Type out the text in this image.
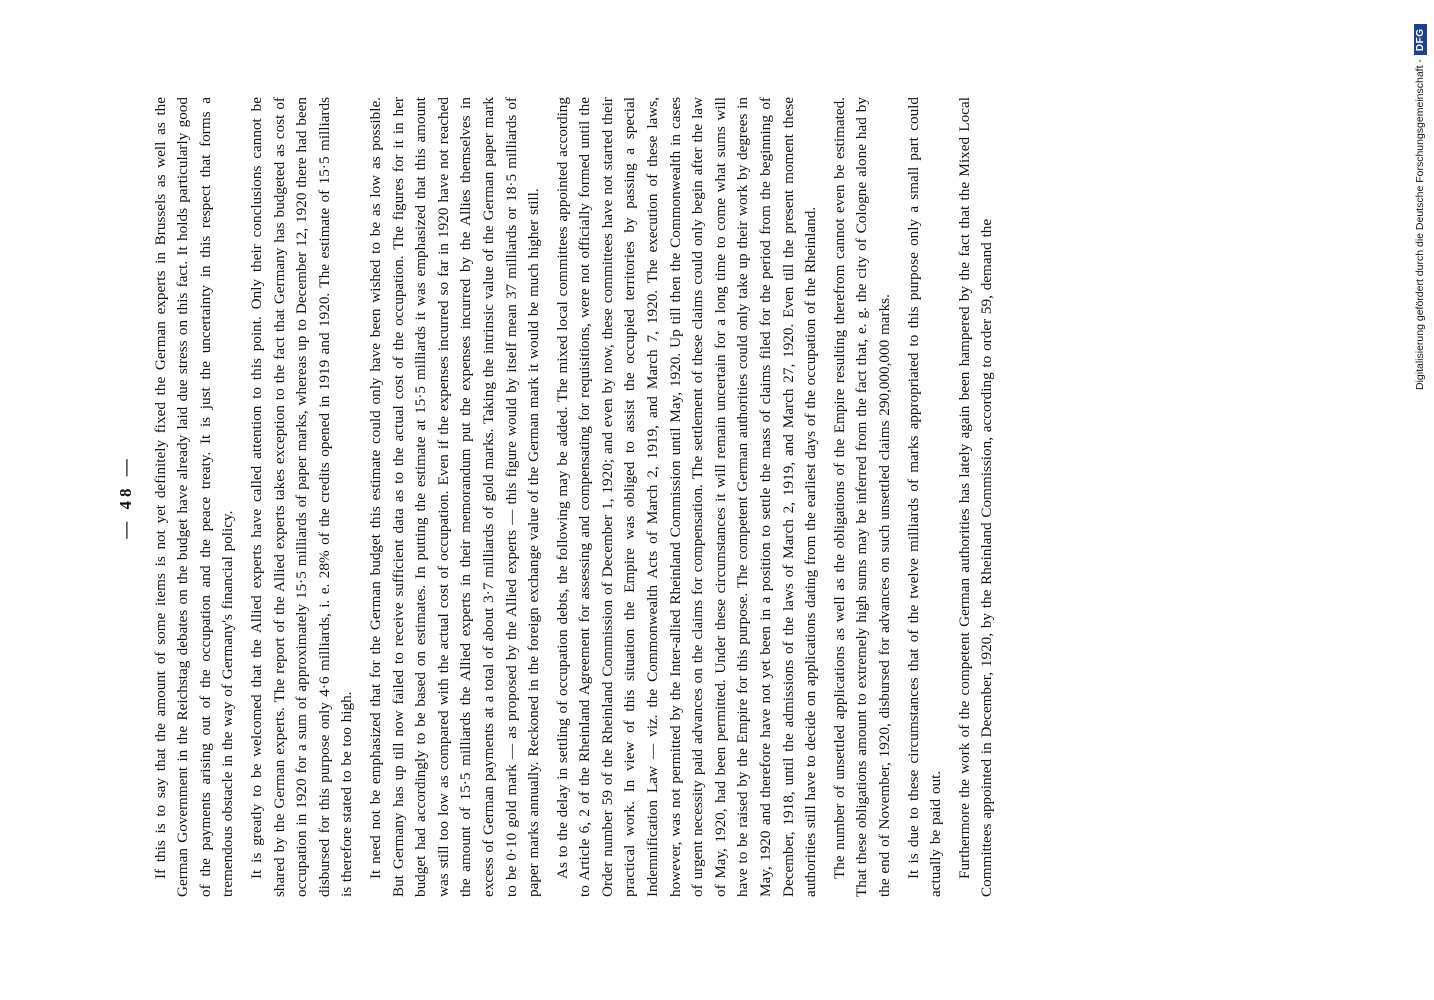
— 48 — If this is to say that the amount of some items is not yet definitely fixed the German experts in Brussels as well as the German Government in the Reichstag debates on the budget have already laid due stress on this fact. It holds particularly good of the payments arising out of the occupation and the peace treaty. It is just the uncertainty in this respect that forms a tremendous obstacle in the way of Germany's financial policy. It is greatly to be welcomed that the Allied experts have called attention to this point. Only their conclusions cannot be shared by the German experts. The report of the Allied experts takes exception to the fact that Germany has budgeted as cost of occupation in 1920 for a sum of approximately 15·5 milliards of paper marks, whereas up to December 12, 1920 there had been disbursed for this purpose only 4·6 milliards, i. e. 28% of the credits opened in 1919 and 1920. The estimate of 15·5 milliards is therefore stated to be too high. It need not be emphasized that for the German budget this estimate could only have been wished to be as low as possible. But Germany has up till now failed to receive sufficient data as to the actual cost of the occupation. The figures for it in her budget had accordingly to be based on estimates. In putting the estimate at 15·5 milliards it was emphasized that this amount was still too low as compared with the actual cost of occupation. Even if the expenses incurred so far in 1920 have not reached the amount of 15·5 milliards the Allied experts in their memorandum put the expenses incurred by the Allies themselves in excess of German payments at a total of about 3·7 milliards of gold marks. Taking the intrinsic value of the German paper mark to be 0·10 gold mark — as proposed by the Allied experts — this figure would by itself mean 37 milliards or 18·5 milliards of paper marks annually. Reckoned in the foreign exchange value of the German mark it would be much higher still. As to the delay in settling of occupation debts, the following may be added. The mixed local committees appointed according to Article 6, 2 of the Rheinland Agreement for assessing and compensating for requisitions, were not officially formed until the Order number 59 of the Rheinland Commission of December 1, 1920; and even by now, these committees have not started their practical work. In view of this situation the Empire was obliged to assist the occupied territories by passing a special Indemnification Law — viz. the Commonwealth Acts of March 2, 1919, and March 7, 1920. The execution of these laws, however, was not permitted by the Inter-allied Rheinland Commission until May, 1920. Up till then the Commonwealth in cases of urgent necessity paid advances on the claims for compensation. The settlement of these claims could only begin after the law of May, 1920, had been permitted. Under these circumstances it will remain uncertain for a long time to come what sums will have to be raised by the Empire for this purpose. The competent German authorities could only take up their work by degrees in May, 1920 and therefore have not yet been in a position to settle the mass of claims filed for the period from the beginning of December, 1918, until the admissions of the laws of March 2, 1919, and March 27, 1920. Even till the present moment these authorities still have to decide on applications dating from the earliest days of the occupation of the Rheinland. The number of unsettled applications as well as the obligations of the Empire resulting therefrom cannot even be estimated. That these obligations amount to extremely high sums may be inferred from the fact that, e. g. the city of Cologne alone had by the end of November, 1920, disbursed for advances on such unsettled claims 290,000,000 marks. It is due to these circumstances that of the twelve milliards of marks appropriated to this purpose only a small part could actually be paid out. Furthermore the work of the competent German authorities has lately again been hampered by the fact that the Mixed Local Committees appointed in December, 1920, by the Rheinland Commission, according to order 59, demand the	Digitalisierung gefördert durch die Deutsche Forschungsgemeinschaft -
DFG
